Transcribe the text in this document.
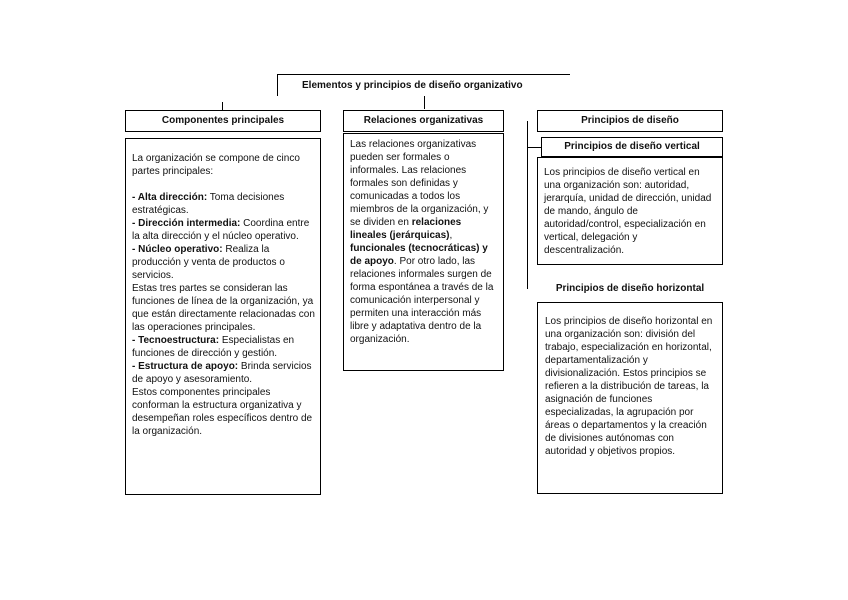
Elementos y principios de diseño organizativo
Componentes principales

La organización se compone de cinco partes principales:

- Alta dirección: Toma decisiones estratégicas.

- Dirección intermedia: Coordina entre la alta dirección y el núcleo operativo.

- Núcleo operativo: Realiza la producción y venta de productos o servicios.

Estas tres partes se consideran las funciones de línea de la organización, ya que están directamente relacionadas con las operaciones principales.

- Tecnoestructura: Especialistas en funciones de dirección y gestión.

- Estructura de apoyo: Brinda servicios de apoyo y asesoramiento.

Estos componentes principales conforman la estructura organizativa y desempeñan roles específicos dentro de la organización.

Relaciones organizativas
Las relaciones organizativas pueden ser formales o informales. Las relaciones formales son definidas y comunicadas a todos los miembros de la organización, y se dividen en relaciones lineales (jerárquicas), funcionales (tecnocráticas) y de apoyo. Por otro lado, las relaciones informales surgen de forma espontánea a través de la comunicación interpersonal y permiten una interacción más libre y adaptativa dentro de la organización.
Principios de diseño
Principios de diseño vertical
Los principios de diseño vertical en una organización son: autoridad, jerarquía, unidad de dirección, unidad de mando, ángulo de autoridad/control, especialización en vertical, delegación y descentralización.
Principios de diseño horizontal
Los principios de diseño horizontal en una organización son: división del trabajo, especialización en horizontal, departamentalización y divisionalización. Estos principios se refieren a la distribución de tareas, la asignación de funciones especializadas, la agrupación por áreas o departamentos y la creación de divisiones autónomas con autoridad y objetivos propios.
